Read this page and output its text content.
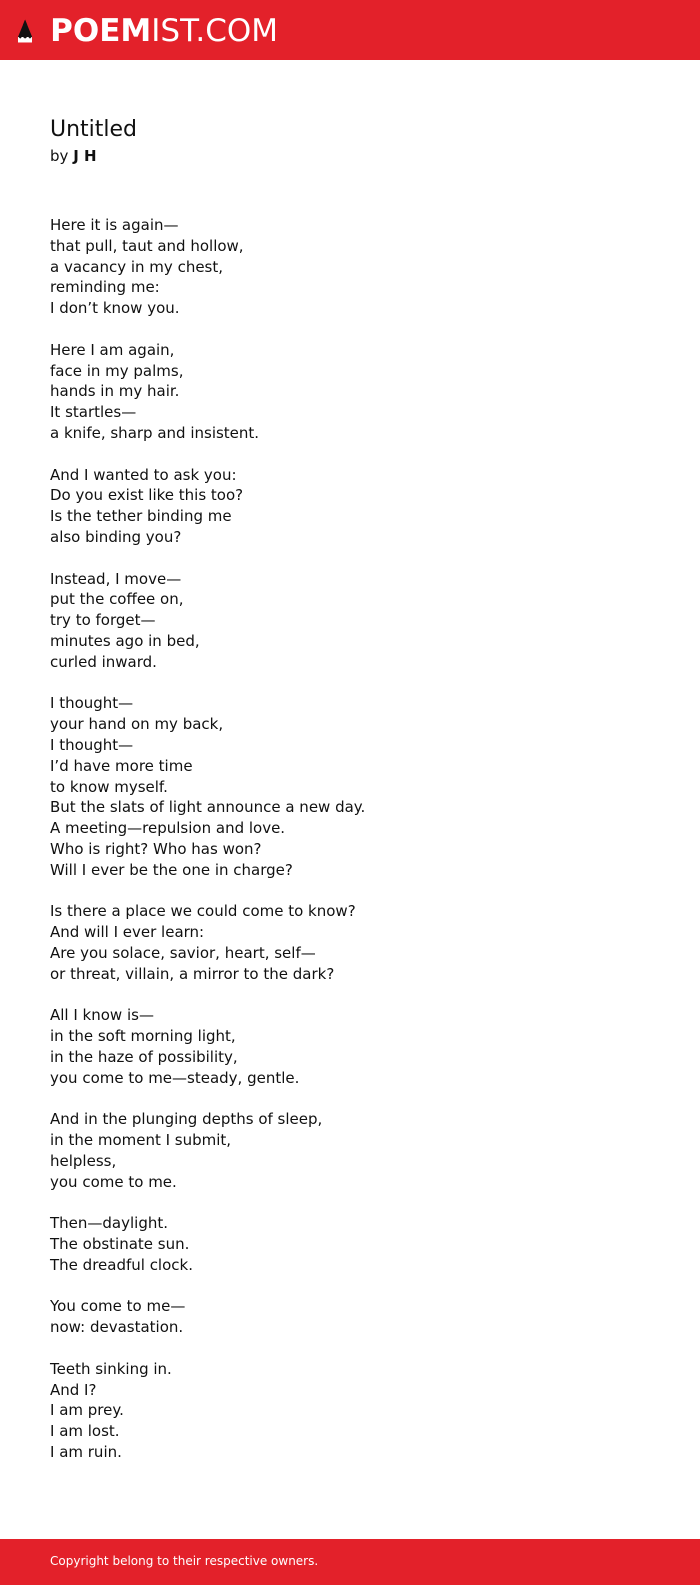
POEMIST.COM
Untitled
by J H
Here it is again—
that pull, taut and hollow,
a vacancy in my chest,
reminding me:
I don’t know you.
Here I am again,
face in my palms,
hands in my hair.
It startles—
a knife, sharp and insistent.
And I wanted to ask you:
Do you exist like this too?
Is the tether binding me
also binding you?
Instead, I move—
put the coffee on,
try to forget—
minutes ago in bed,
curled inward.
I thought—
your hand on my back,
I thought—
I’d have more time
to know myself.
But the slats of light announce a new day.
A meeting—repulsion and love.
Who is right? Who has won?
Will I ever be the one in charge?
Is there a place we could come to know?
And will I ever learn:
Are you solace, savior, heart, self—
or threat, villain, a mirror to the dark?
All I know is—
in the soft morning light,
in the haze of possibility,
you come to me—steady, gentle.
And in the plunging depths of sleep,
in the moment I submit,
helpless,
you come to me.
Then—daylight.
The obstinate sun.
The dreadful clock.
You come to me—
now: devastation.
Teeth sinking in.
And I?
I am prey.
I am lost.
I am ruin.
Copyright belong to their respective owners.
